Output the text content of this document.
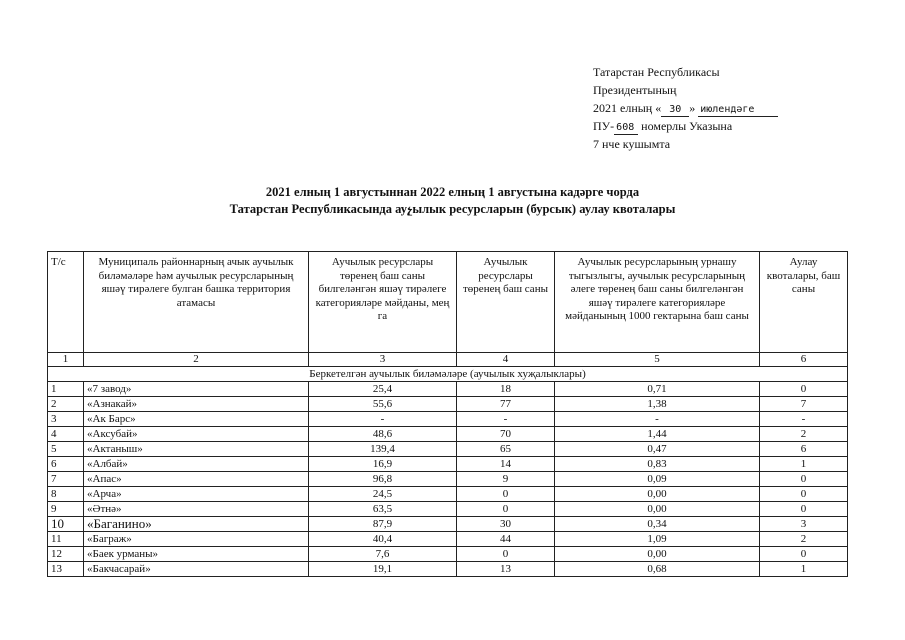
Татарстан Республикасы
Президентының
2021 елның « 30 » июлендәге
ПУ- 608 номерлы Указына
7 нче кушымта
2021 елның 1 августыннан 2022 елның 1 августына кадәрге чорда
Татарстан Республикасында ауչылык ресурсларын (бурсык) аулау квоталары
Т/с	Муниципаль районнарның ачык аучылык биләмәләре һәм аучылык ресурсларының яшәү тирәлеге булган башка территория атамасы	Аучылык ресурслары төренең баш саны билгеләнгән яшәү тирәлеге категорияләре мәйданы, мең га	Аучылык ресурслары төренең баш саны	Аучылык ресурсларының урнашу тыгызлыгы, аучылык ресурсларының әлеге төренең баш саны билгеләнгән яшәү тирәлеге категорияләре мәйданының 1000 гектарына баш саны	Аулау квоталары, баш саны
1	2	3	4	5	6
Беркетелгән аучылык биләмәләре (аучылык хуҗалыклары)					
1	«7 завод»	25,4	18	0,71	0
2	«Азнакай»	55,6	77	1,38	7
3	«Ак Барс»	-	-	-	-
4	«Аксубай»	48,6	70	1,44	2
5	«Актаныш»	139,4	65	0,47	6
6	«Албай»	16,9	14	0,83	1
7	«Апас»	96,8	9	0,09	0
8	«Арча»	24,5	0	0,00	0
9	«Әтнә»	63,5	0	0,00	0
10	«Баганино»	87,9	30	0,34	3
11	«Баграж»	40,4	44	1,09	2
12	«Баек урманы»	7,6	0	0,00	0
13	«Бакчасарай»	19,1	13	0,68	1
